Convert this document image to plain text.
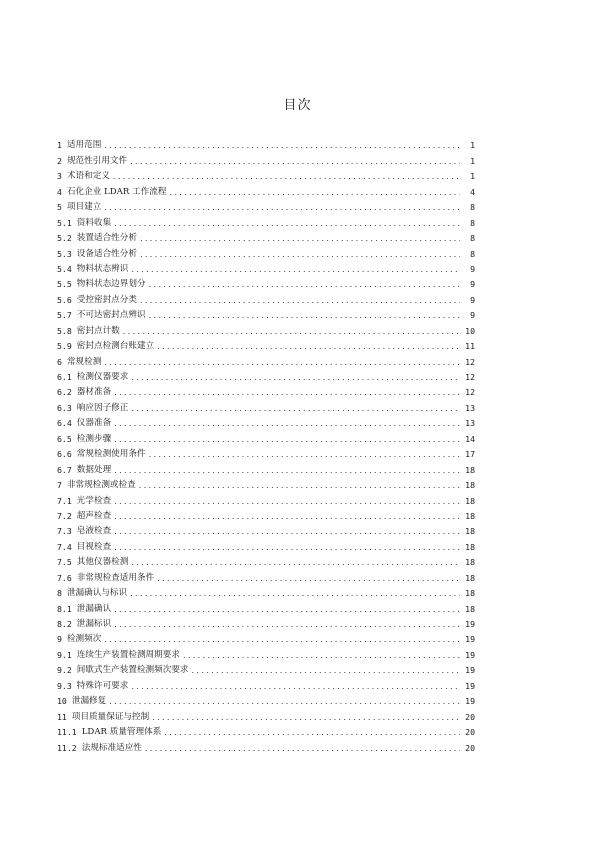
目次
1 适用范围 .....	1
2 规范性引用文件 .....	1
3 术语和定义 .....	1
4 石化企业 LDAR 工作流程 .....	4
5 项目建立 .....	8
5.1 资料收集 .....	8
5.2 装置适合性分析 .....	8
5.3 设备适合性分析 .....	8
5.4 物料状态辨识 .....	9
5.5 物料状态边界划分 .....	9
5.6 受控密封点分类 .....	9
5.7 不可达密封点辨识 .....	9
5.8 密封点计数 .....	10
5.9 密封点检测台账建立 .....	11
6 常规检测 .....	12
6.1 检测仪器要求 .....	12
6.2 器材准备 .....	12
6.3 响应因子修正 .....	13
6.4 仪器准备 .....	13
6.5 检测步骤 .....	14
6.6 常规检测使用条件 .....	17
6.7 数据处理 .....	18
7 非常规检测或检查 .....	18
7.1 光学检查 .....	18
7.2 超声检查 .....	18
7.3 皂液检查 .....	18
7.4 目视检查 .....	18
7.5 其他仪器检测 .....	18
7.6 非常规检查适用条件 .....	18
8 泄漏确认与标识 .....	18
8.1 泄漏确认 .....	18
8.2 泄漏标识 .....	19
9 检测频次 .....	19
9.1 连续生产装置检测周期要求 .....	19
9.2 间歇式生产装置检测频次要求 .....	19
9.3 特殊许可要求 .....	19
10 泄漏修复 .....	19
11 项目质量保证与控制 .....	20
11.1 LDAR 质量管理体系 .....	20
11.2 法规标准适应性 .....	20
